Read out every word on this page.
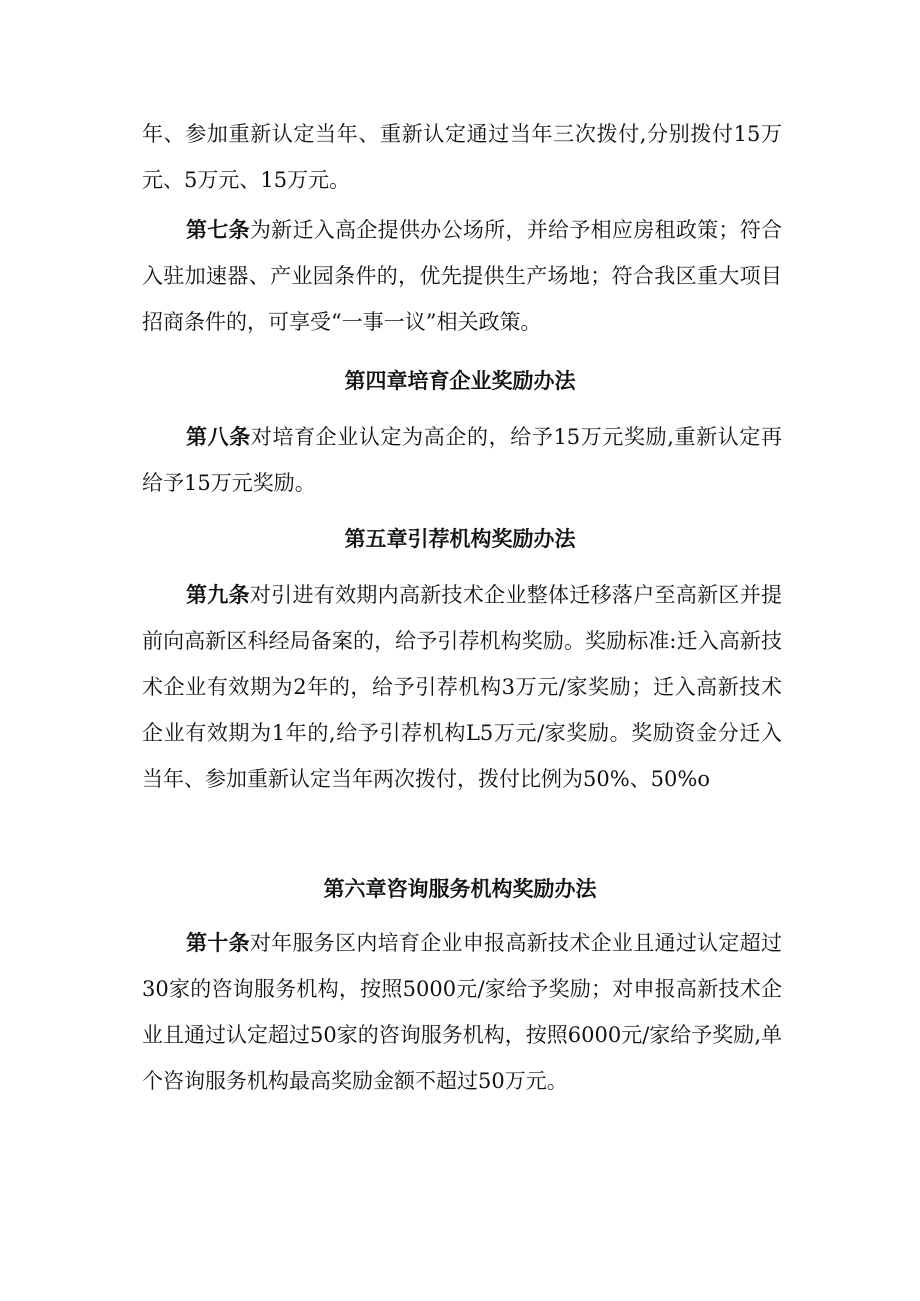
年、参加重新认定当年、重新认定通过当年三次拨付,分别拨付15万元、5万元、15万元。

第七条为新迁入高企提供办公场所，并给予相应房租政策；符合入驻加速器、产业园条件的，优先提供生产场地；符合我区重大项目招商条件的，可享受“一事一议”相关政策。

第四章培育企业奖励办法

第八条对培育企业认定为高企的，给予15万元奖励,重新认定再给予15万元奖励。

第五章引荐机构奖励办法

第九条对引进有效期内高新技术企业整体迁移落户至高新区并提前向高新区科经局备案的，给予引荐机构奖励。奖励标准:迁入高新技术企业有效期为2年的，给予引荐机构3万元/家奖励；迁入高新技术企业有效期为1年的,给予引荐机构L5万元/家奖励。奖励资金分迁入当年、参加重新认定当年两次拨付，拨付比例为50%、50%o

第六章咨询服务机构奖励办法

第十条对年服务区内培育企业申报高新技术企业且通过认定超过30家的咨询服务机构，按照5000元/家给予奖励；对申报高新技术企业且通过认定超过50家的咨询服务机构，按照6000元/家给予奖励,单个咨询服务机构最高奖励金额不超过50万元。
